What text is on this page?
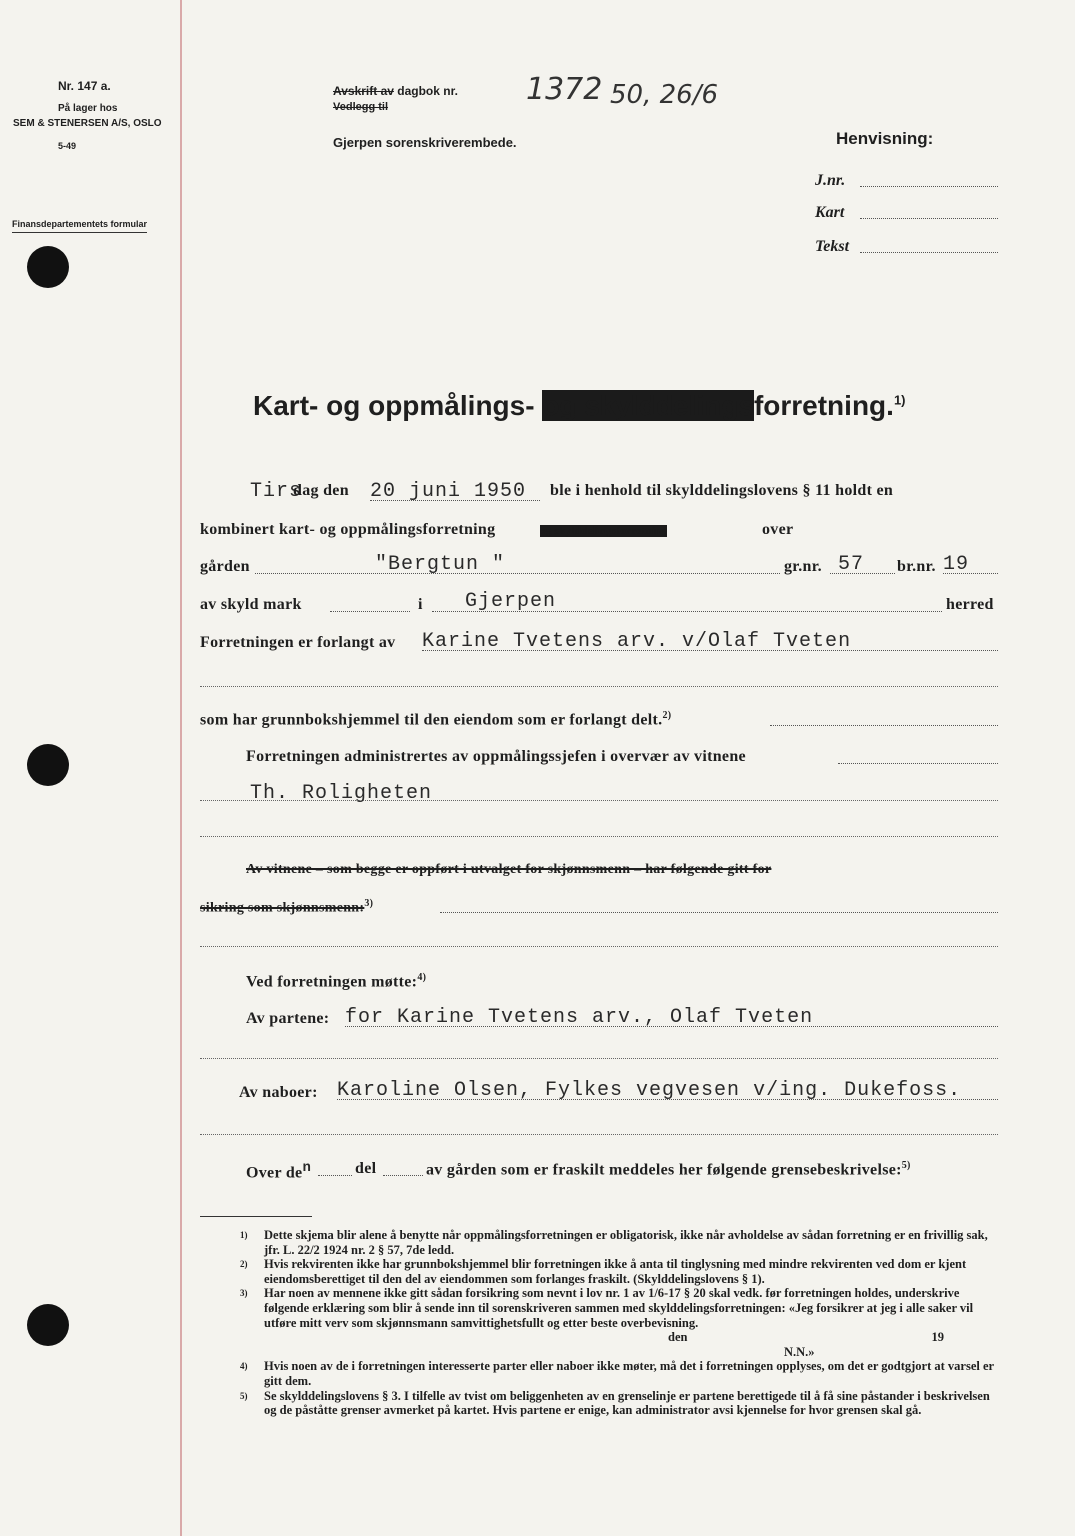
Nr. 147 a.
På lager hos
SEM & STENERSEN A/S, OSLO
5-49
Finansdepartementets formular
Avskrift av dagbok nr.
Vedlegg til	1372 50, 26/6
Gjerpen sorenskriverembede.	Henvisning:
J.nr.
Kart
Tekst
Kart- og oppmålings- og skylddelingsforretning.$^{1)}$
Tirs
dag den 20 juni 1950 ble i henhold til skylddelingslovens § 11 holdt en
kombinert kart- og oppmålingsforretning	og skylddelingsforretning	over
gården	"Bergtun "	gr.nr. 57 br.nr. 19
av skyld mark	i Gjerpen	herred
Forretningen er forlangt av Karine Tvetens arv. v/Olaf Tveten
som har grunnbokshjemmel til den eiendom som er forlangt delt.$^{2)}$
Forretningen administrertes av oppmålingssjefen i overvær av vitnene
Th. Roligheten
Av vitnene – som begge er oppført i utvalget for skjønnsmenn – har følgende gitt for
sikring som skjønnsmenn:$^{3)}$
Ved forretningen møtte:$^{4)}$
Av partene: for Karine Tvetens arv., Olaf Tveten
Av naboer: Karoline Olsen, Fylkes vegvesen v/ing. Dukefoss.
Over $de^n$	del	av gården som er fraskilt meddeles her følgende grensebeskrivelse:$^{5)}$
1) Dette skjema blir alene å benytte når oppmålingsforretningen er obligatorisk, ikke når avholdelse av sådan forretning er en frivillig sak, jfr. L. 22/2 1924 nr. 2 § 57, 7de ledd.
2) Hvis rekvirenten ikke har grunnbokshjemmel blir forretningen ikke å anta til tinglysning med mindre rekvirenten ved dom er kjent eiendomsberettiget til den del av eiendommen som forlanges fraskilt. (Skylddelingslovens § 1).
3) Har noen av mennene ikke gitt sådan forsikring som nevnt i lov nr. 1 av 1/6-17 § 20 skal vedk. før forretningen holdes, underskrive følgende erklæring som blir å sende inn til sorenskriveren sammen med skylddelingsforretningen: «Jeg forsikrer at jeg i alle saker vil utføre mitt verv som skjønnsmann samvittighetsfullt og etter beste overbevisning.
den	19
N.N.»
4) Hvis noen av de i forretningen interesserte parter eller naboer ikke møter, må det i forretningen opplyses, om det er godtgjort at varsel er gitt dem.
5) Se skylddelingslovens § 3. I tilfelle av tvist om beliggenheten av en grenselinje er partene berettigede til å få sine påstander i beskrivelsen og de påståtte grenser avmerket på kartet. Hvis partene er enige, kan administrator avsi kjennelse for hvor grensen skal gå.
